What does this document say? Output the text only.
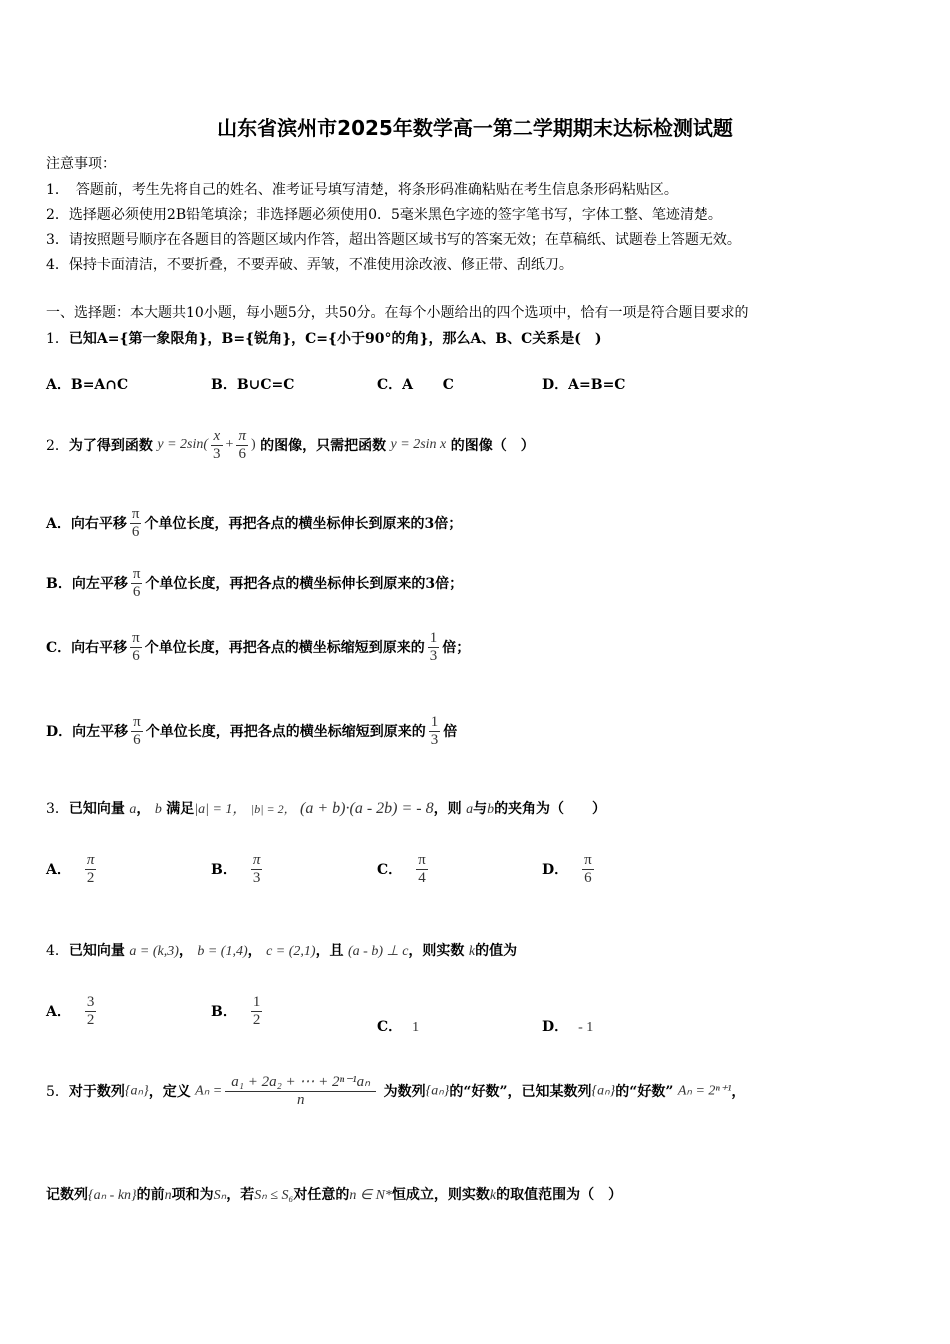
山东省滨州市2025年数学高一第二学期期末达标检测试题
注意事项：
1．　答题前，考生先将自己的姓名、准考证号填写清楚，将条形码准确粘贴在考生信息条形码粘贴区。
2．选择题必须使用2B铅笔填涂；非选择题必须使用0．5毫米黑色字迹的签字笔书写，字体工整、笔迹清楚。
3．请按照题号顺序在各题目的答题区域内作答，超出答题区域书写的答案无效；在草稿纸、试题卷上答题无效。
4．保持卡面清洁，不要折叠，不要弄破、弄皱，不准使用涂改液、修正带、刮纸刀。
一、选择题：本大题共10小题，每小题5分，共50分。在每个小题给出的四个选项中，恰有一项是符合题目要求的
1．已知A={第一象限角}，B={锐角}，C={小于90°的角}，那么A、B、C关系是(　)
A．B=A∩C	B．B∪C=C	C．A C	D．A=B=C
2．为了得到函数 $y = 2\sin( \frac{x}{3} + \frac{\pi}{6}$ ) 的图像，只需把函数 y = 2sin x 的图像（　）
A．向右平移 $\frac{\pi}{6}$ 个单位长度，再把各点的横坐标伸长到原来的3倍；
B．向左平移 $\frac{\pi}{6}$ 个单位长度，再把各点的横坐标伸长到原来的3倍；
C．向右平移 $\frac{\pi}{6}$ 个单位长度，再把各点的横坐标缩短到原来的 $\frac{1}{3}$ 倍；
D．向左平移 $\frac{\pi}{6}$ 个单位长度，再把各点的横坐标缩短到原来的 $\frac{1}{3}$ 倍
3．已知向量 a， b 满足|a| = 1， |b| = 2， (a + b)·(a - 2b) = - 8，则 a与b的夹角为（　　）
A． $\frac{\pi}{2}$	B． $\frac{\pi}{3}$	C． $\frac{\pi}{4}$	D． $\frac{\pi}{6}$
4．已知向量 a = (k,3)， b = (1,4)， c = (2,1)，且 (a - b) ⊥ c，则实数 k的值为
A． $\frac{3}{2}$	B． $\frac{1}{2}$	C． 1	D． - 1
5．对于数列{aₙ}，定义 $A_n = \frac{\text{a₁ + 2a₂ + ⋯ + 2ⁿ⁻¹aₙ}}{n}$ 为数列{aₙ}的“好数”，已知某数列{aₙ}的“好数” Aₙ = 2ⁿ⁺¹，
记数列{aₙ - kn}的前n项和为Sₙ，若Sₙ ≤ S₆对任意的n ∈ N*恒成立，则实数k的取值范围为（　）
